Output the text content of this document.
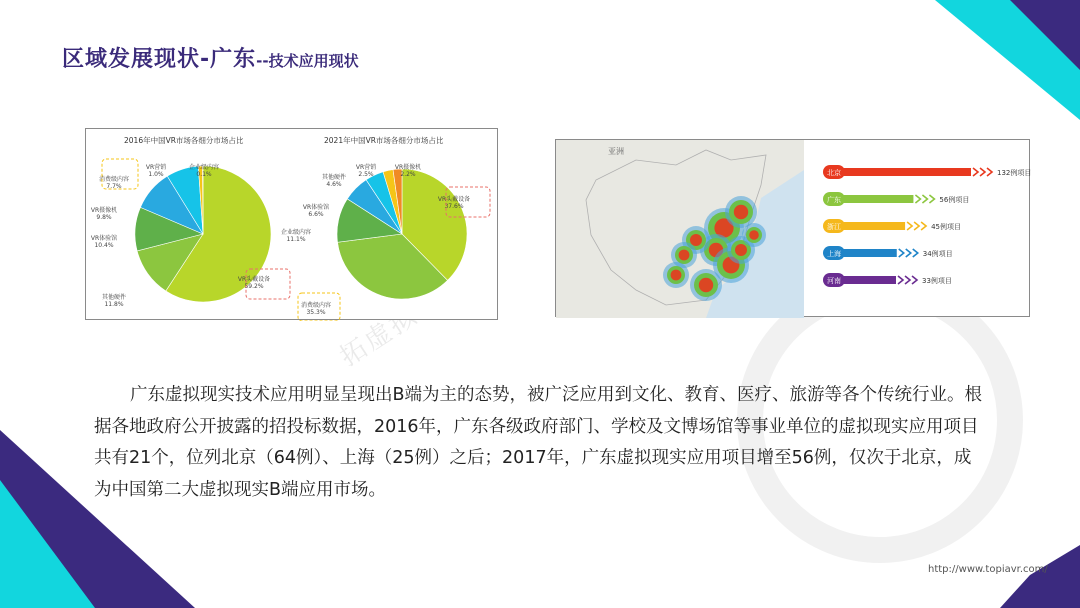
区域发展现状-广东--技术应用现状
2016年中国VR市场各细分市场占比	2021年中国VR市场各细分市场占比
VR头戴设备
59.2%
其他硬件
11.8%
VR体验馆
10.4%
VR摄像机
9.8%
消费级内容
7.7%
VR营销
1.0%
企业级内容
0.1%
VR头戴设备
37.6%
消费级内容
35.3%
企业级内容
11.1%
VR体验馆
6.6%
其他硬件
4.6%
VR营销
2.5%
VR摄像机
2.2%
亚洲
北京	132例项目
广东	56例项目
浙江	45例项目
上海	34例项目
河南	33例项目

广东虚拟现实技术应用明显呈现出B端为主的态势，被广泛应用到文化、教育、医疗、旅游等各个传统行业。根据各地政府公开披露的招投标数据，2016年，广东各级政府部门、学校及文博场馆等事业单位的虚拟现实应用项目共有21个，位列北京（64例）、上海（25例）之后；2017年，广东虚拟现实应用项目增至56例，仅次于北京，成为中国第二大虚拟现实B端应用市场。

http://www.topiavr.com/
